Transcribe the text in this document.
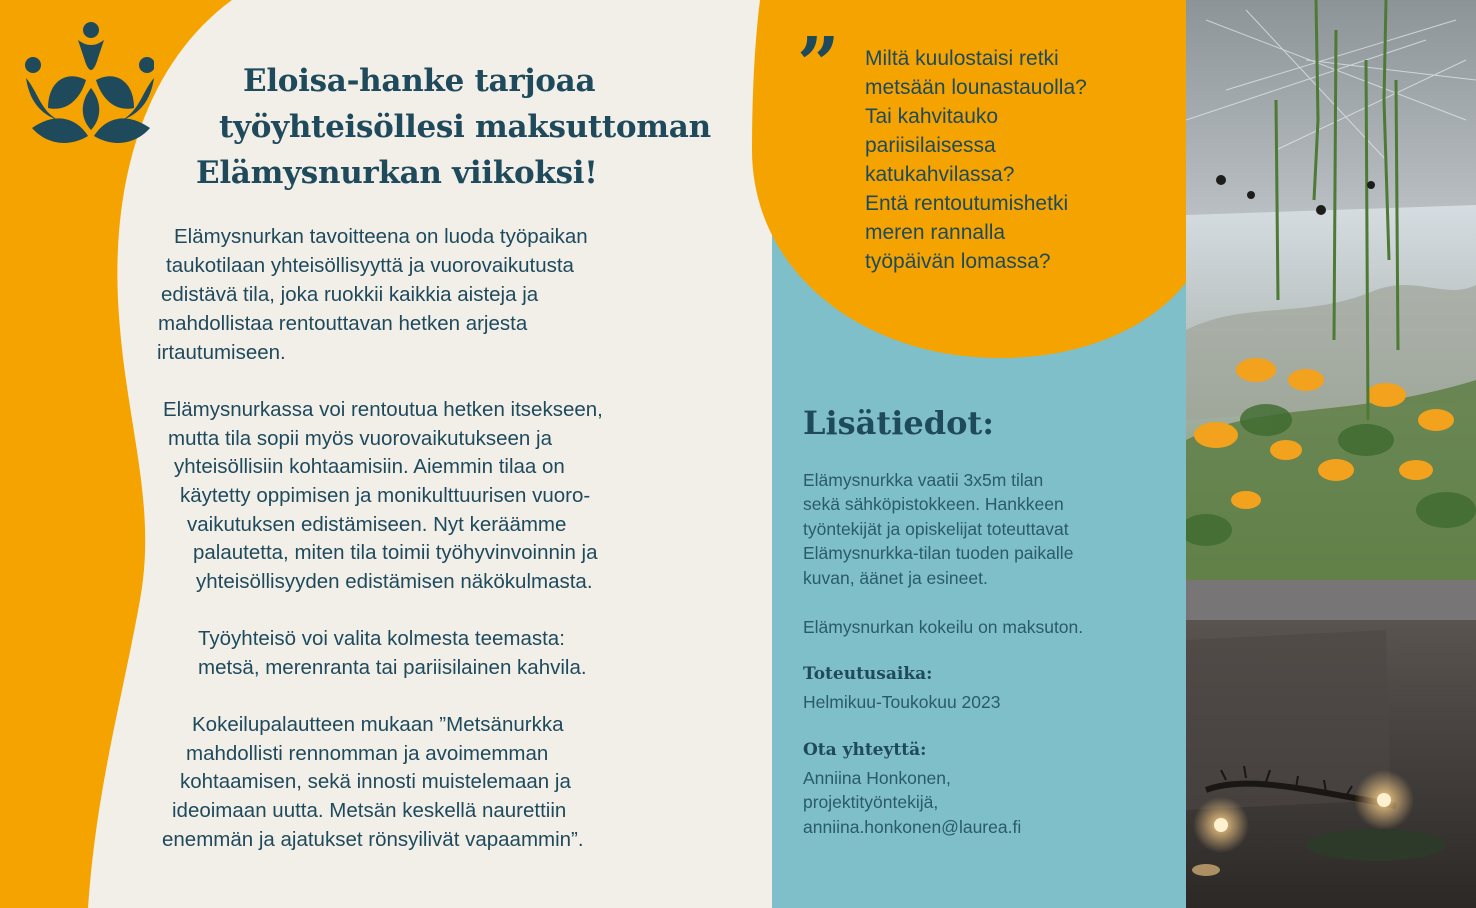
Eloisa-hanke tarjoaa
työyhteisöllesi maksuttoman
Elämysnurkan viikoksi!
Elämysnurkan tavoitteena on luoda työpaikan
taukotilaan yhteisöllisyyttä ja vuorovaikutusta
edistävä tila, joka ruokkii kaikkia aisteja ja
mahdollistaa rentouttavan hetken arjesta
irtautumiseen.
Elämysnurkassa voi rentoutua hetken itsekseen,
mutta tila sopii myös vuorovaikutukseen ja
yhteisöllisiin kohtaamisiin. Aiemmin tilaa on
käytetty oppimisen ja monikulttuurisen vuoro-
vaikutuksen edistämiseen. Nyt keräämme
palautetta, miten tila toimii työhyvinvoinnin ja
yhteisöllisyyden edistämisen näkökulmasta.
Työyhteisö voi valita kolmesta teemasta:
metsä, merenranta tai pariisilainen kahvila.
Kokeilupalautteen mukaan ”Metsänurkka
mahdollisti rennomman ja avoimemman
kohtaamisen, sekä innosti muistelemaan ja
ideoimaan uutta. Metsän keskellä naurettiin
enemmän ja ajatukset rönsyilivät vapaammin”.
” Miltä kuulostaisi retki
metsään lounastauolla?
Tai kahvitauko
pariisilaisessa
katukahvilassa?
Entä rentoutumishetki
meren rannalla
työpäivän lomassa?
Lisätiedot:
Elämysnurkka vaatii 3x5m tilan
sekä sähköpistokkeen. Hankkeen
työntekijät ja opiskelijat toteuttavat
Elämysnurkka-tilan tuoden paikalle
kuvan, äänet ja esineet.
Elämysnurkan kokeilu on maksuton.
Toteutusaika:
Helmikuu-Toukokuu 2023
Ota yhteyttä:
Anniina Honkonen,
projektityöntekijä,
anniina.honkonen@laurea.fi
